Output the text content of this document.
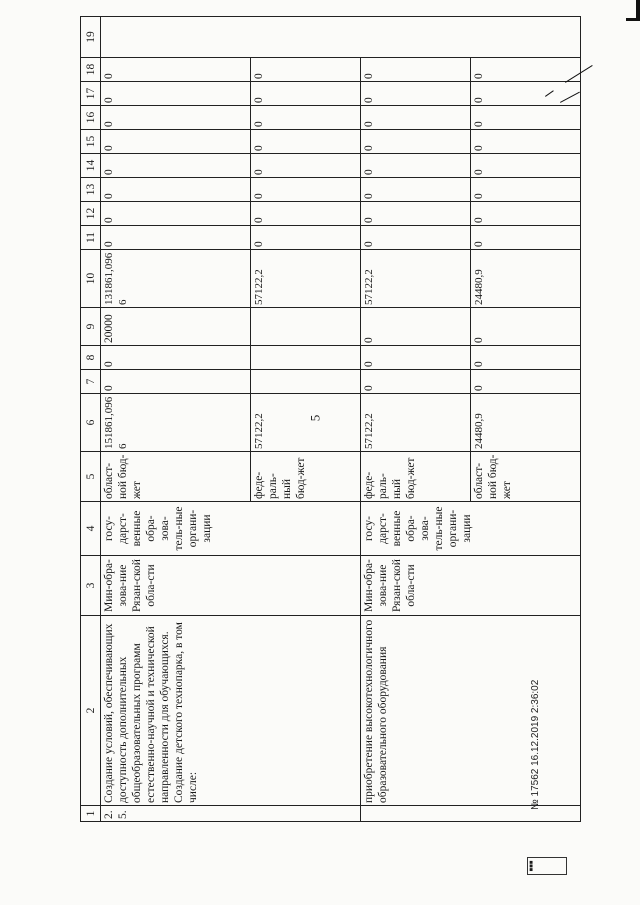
5
1	2	3	4	5	6	7	8	9	10	11	12	13	14	15	16	17	18	19
2.5.	Создание условий, обеспечивающих доступность дополнительных общеобразовательных программ естественно-научной и технической направленности для обучающихся. Создание детского технопарка, в том числе:	Мин-обра-зова-ние Рязан-ской обла-сти	госу-дарст-венные обра-зова-тель-ные органи-зации	област-ной бюд-жет	151861,0966	0	0	20000	131861,0966	0	0	0	0	0	0	0	0	
				феде-раль-ный бюд-жет	57122,2				57122,2	0	0	0	0	0	0	0	0	
	приобретение высокотехнологичного образовательного оборудования	Мин-обра-зова-ние Рязан-ской обла-сти	госу-дарст-венные обра-зова-тель-ные органи-зации	феде-раль-ный бюд-жет	57122,2	0	0	0	57122,2	0	0	0	0	0	0	0	0	
				област-ной бюд-жет	24480,9	0	0	0	24480,9	0	0	0	0	0	0	0	0	
■■■
№ 17562 16.12.2019 2:36:02
